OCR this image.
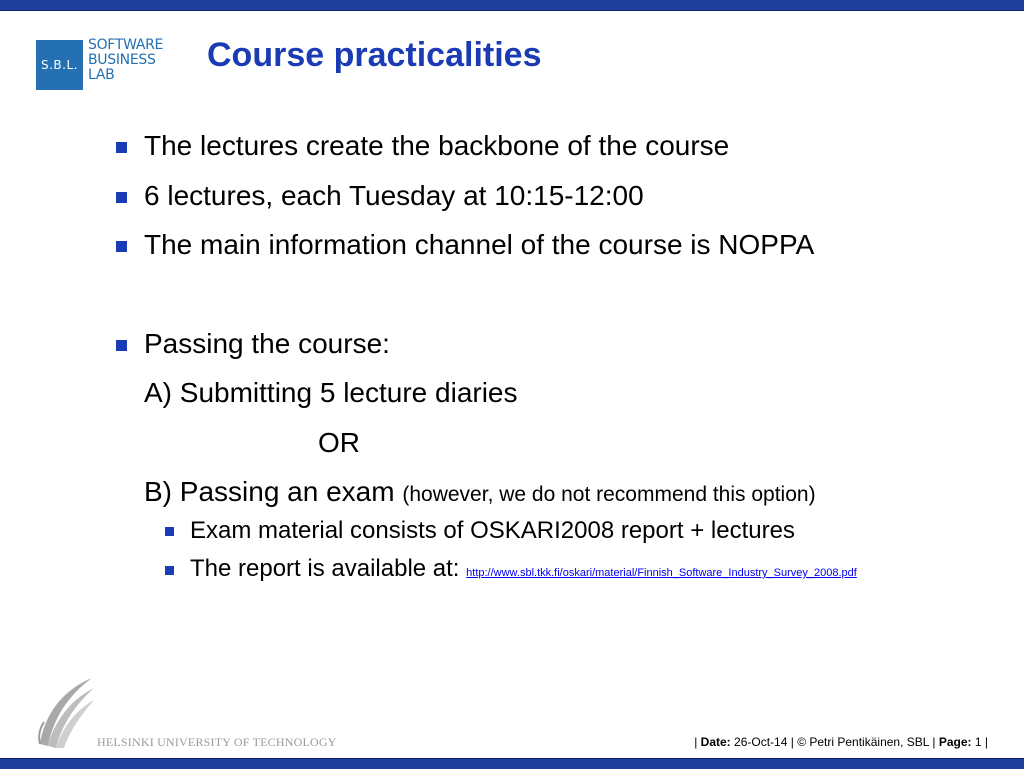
S.B.L.
SOFTWARE
BUSINESS
LAB
Course practicalities
The lectures create the backbone of the course
6 lectures, each Tuesday at 10:15-12:00
The main information channel of the course is NOPPA
Passing the course:
A) Submitting 5 lecture diaries
OR
B) Passing an exam (however, we do not recommend this option)
Exam material consists of OSKARI2008 report + lectures
The report is available at: http://www.sbl.tkk.fi/oskari/material/Finnish_Software_Industry_Survey_2008.pdf
HELSINKI UNIVERSITY OF TECHNOLOGY	| Date: 26-Oct-14 | © Petri Pentikäinen, SBL | Page: 1 |
